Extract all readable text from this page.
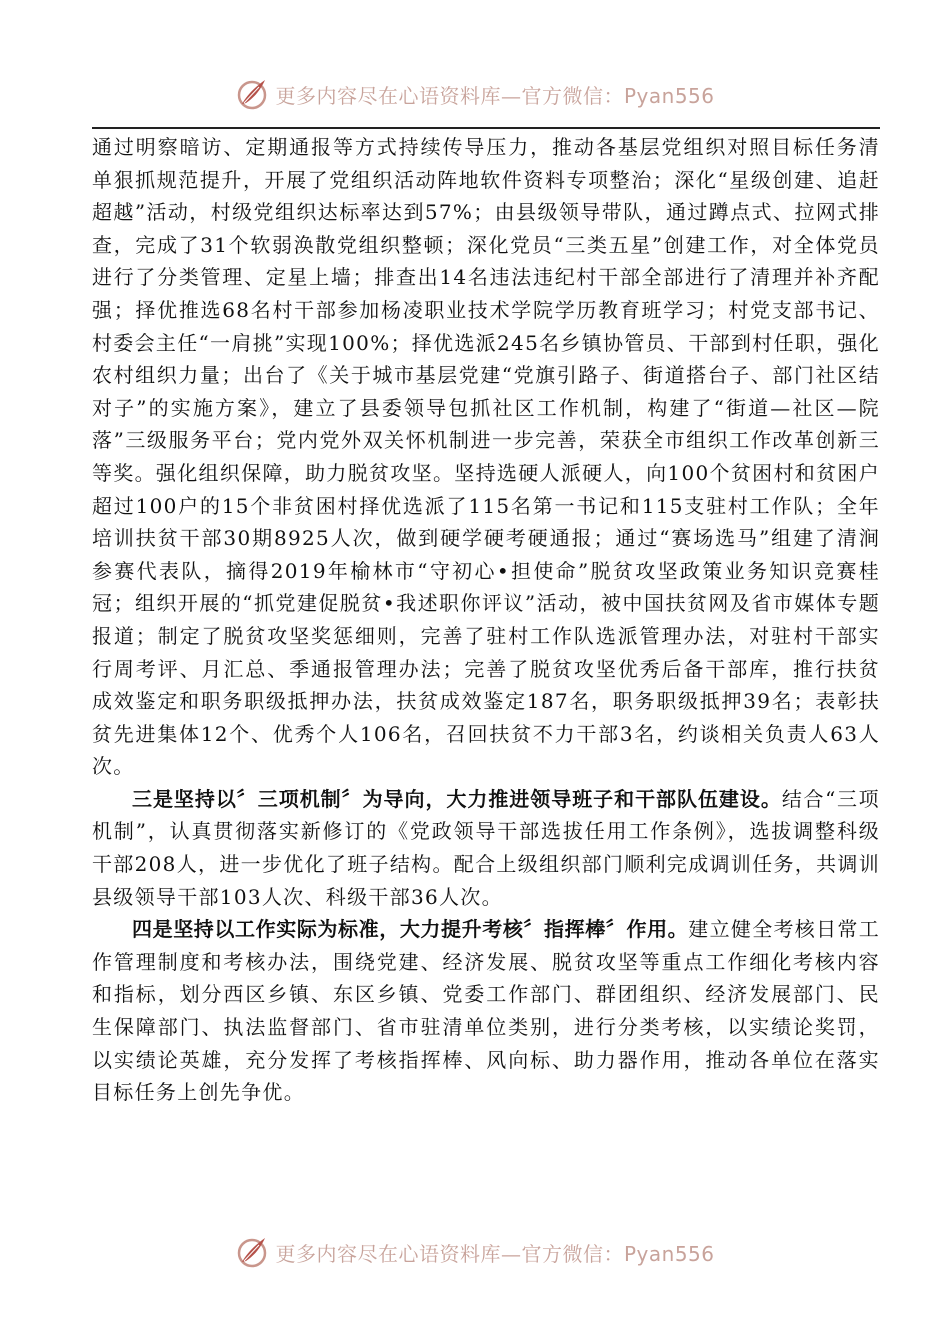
更多内容尽在心语资料库—官方微信：Pyan556

通过明察暗访、定期通报等方式持续传导压力，推动各基层党组织对照目标任务清单狠抓规范提升，开展了党组织活动阵地软件资料专项整治；深化“星级创建、追赶超越”活动，村级党组织达标率达到57%；由县级领导带队，通过蹲点式、拉网式排查，完成了31个软弱涣散党组织整顿；深化党员“三类五星”创建工作，对全体党员进行了分类管理、定星上墙；排查出14名违法违纪村干部全部进行了清理并补齐配强；择优推选68名村干部参加杨凌职业技术学院学历教育班学习；村党支部书记、村委会主任“一肩挑”实现100%；择优选派245名乡镇协管员、干部到村任职，强化农村组织力量；出台了《关于城市基层党建“党旗引路子、街道搭台子、部门社区结对子”的实施方案》，建立了县委领导包抓社区工作机制，构建了“街道—社区—院落”三级服务平台；党内党外双关怀机制进一步完善，荣获全市组织工作改革创新三等奖。强化组织保障，助力脱贫攻坚。坚持选硬人派硬人，向100个贫困村和贫困户超过100户的15个非贫困村择优选派了115名第一书记和115支驻村工作队；全年培训扶贫干部30期8925人次，做到硬学硬考硬通报；通过“赛场选马”组建了清涧参赛代表队，摘得2019年榆林市“守初心•担使命”脱贫攻坚政策业务知识竞赛桂冠；组织开展的“抓党建促脱贫•我述职你评议”活动，被中国扶贫网及省市媒体专题报道；制定了脱贫攻坚奖惩细则，完善了驻村工作队选派管理办法，对驻村干部实行周考评、月汇总、季通报管理办法；完善了脱贫攻坚优秀后备干部库，推行扶贫成效鉴定和职务职级抵押办法，扶贫成效鉴定187名，职务职级抵押39名；表彰扶贫先进集体12个、优秀个人106名，召回扶贫不力干部3名，约谈相关负责人63人次。

三是坚持以〞三项机制〞为导向，大力推进领导班子和干部队伍建设。结合“三项机制”，认真贯彻落实新修订的《党政领导干部选拔任用工作条例》，选拔调整科级干部208人，进一步优化了班子结构。配合上级组织部门顺利完成调训任务，共调训县级领导干部103人次、科级干部36人次。

四是坚持以工作实际为标准，大力提升考核〞指挥棒〞作用。建立健全考核日常工作管理制度和考核办法，围绕党建、经济发展、脱贫攻坚等重点工作细化考核内容和指标，划分西区乡镇、东区乡镇、党委工作部门、群团组织、经济发展部门、民生保障部门、执法监督部门、省市驻清单位类别，进行分类考核，以实绩论奖罚，以实绩论英雄，充分发挥了考核指挥棒、风向标、助力器作用，推动各单位在落实目标任务上创先争优。

更多内容尽在心语资料库—官方微信：Pyan556
